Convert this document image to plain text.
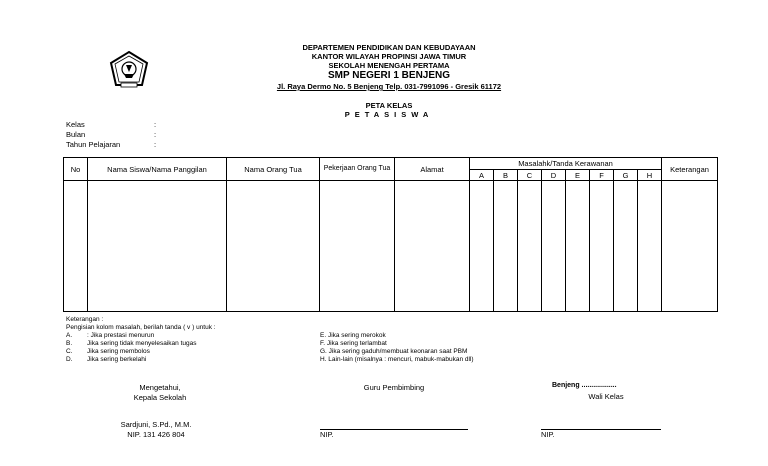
DEPARTEMEN PENDIDIKAN DAN KEBUDAYAAN
KANTOR WILAYAH PROPINSI JAWA TIMUR
SEKOLAH MENENGAH PERTAMA
SMP NEGERI 1 BENJENG
Jl. Raya Dermo No. 5 Benjeng Telp. 031-7991096 - Gresik 61172
PETA KELAS
PETASISWA
Kelas	:
Bulan	:
Tahun Pelajaran	:
No	Nama Siswa/Nama Panggilan	Nama Orang Tua	Pekerjaan Orang Tua	Alamat	Masalahk/Tanda Kerawanan								Keterangan
					A	B	C	D	E	F	G	H	

Keterangan :
Pengisian kolom masalah, berilah tanda ( v ) untuk :
A. : Jika prestasi menurun
B. Jika sering tidak menyelesaikan tugas
C. Jika sering membolos
D. Jika sering berkelahi
E. Jika sering merokok
F. Jika sering terlambat
G. Jika sering gaduh/membuat keonaran saat PBM
H. Lain-lain (misalnya : mencuri, mabuk-mabukan dll)
Mengetahui,
Kepala Sekolah
Guru Pembimbing	Benjeng ..................
Wali Kelas
Sardjuni, S.Pd., M.M.
NIP. 131 426 804	NIP.	NIP.
